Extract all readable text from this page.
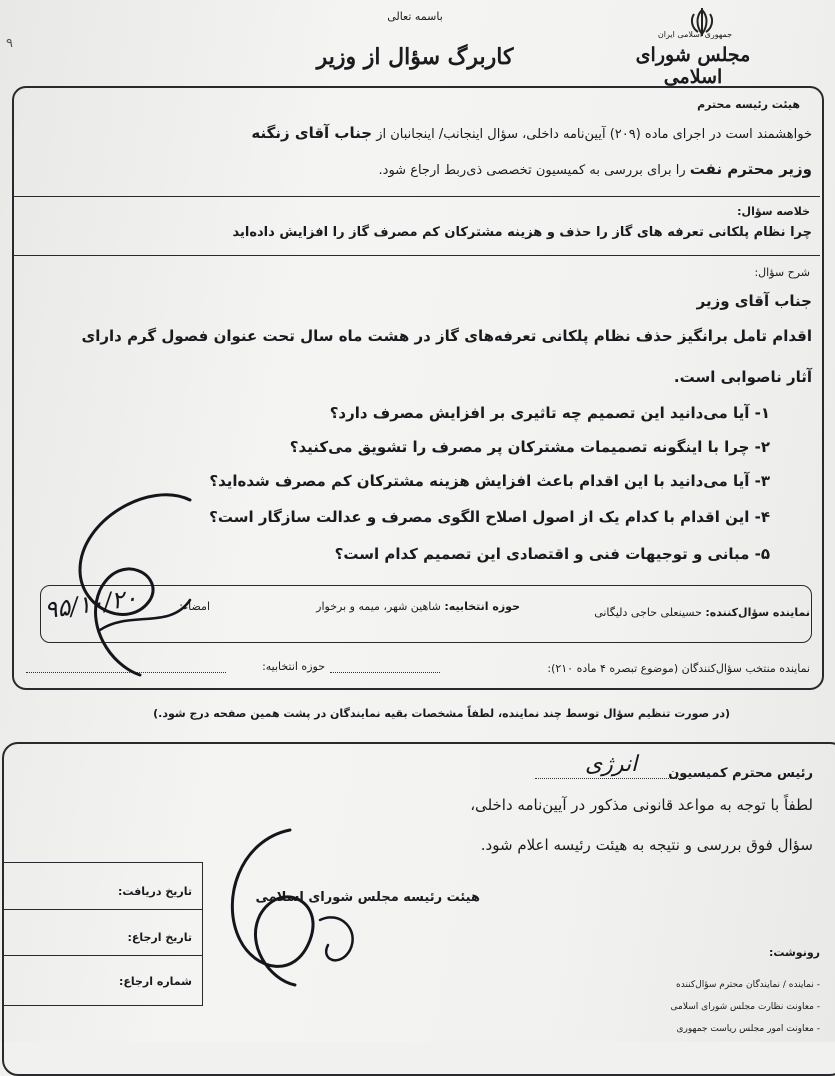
۹
باسمه تعالی
کاربرگ سؤال از وزیر
جمهوری اسلامی ایران
مجلس شورای اسلامی
هیئت رئیسه محترم
خواهشمند است در اجرای ماده (۲۰۹) آیین‌نامه داخلی، سؤال اینجانب/ اینجانبان از جناب آقای زنگنه
وزیر محترم نفت را برای بررسی به کمیسیون تخصصی ذی‌ربط ارجاع شود.
خلاصه سؤال:
چرا نظام پلکانی تعرفه های گاز را حذف و هزینه مشترکان کم مصرف گاز را افزایش داده‌اید
شرح سؤال:
جناب آقای وزیر
اقدام تامل برانگیز حذف نظام پلکانی تعرفه‌های گاز در هشت ماه سال تحت عنوان فصول گرم دارای
آثار ناصوابی است.
۱- آیا می‌دانید این تصمیم چه تاثیری بر افزایش مصرف دارد؟
۲- چرا با اینگونه تصمیمات مشترکان پر مصرف را تشویق می‌کنید؟
۳- آیا می‌دانید با این اقدام باعث افزایش هزینه مشترکان کم مصرف شده‌اید؟
۴- این اقدام با کدام یک از اصول اصلاح الگوی مصرف و عدالت سازگار است؟
۵- مبانی و توجیهات فنی و اقتصادی این تصمیم کدام است؟
نماینده سؤال‌کننده: حسینعلی حاجی دلیگانی
حوزه انتخابیه: شاهین شهر، میمه و برخوار
امضاء:
۹۵/۱۰/۲۰
نماینده منتخب سؤال‌کنندگان (موضوع تبصره ۴ ماده ۲۱۰):
حوزه انتخابیه:
(در صورت تنظیم سؤال توسط چند نماینده، لطفاً مشخصات بقیه نمایندگان در پشت همین صفحه درج شود.)
رئیس محترم کمیسیون
انرژی
لطفاً با توجه به مواعد قانونی مذکور در آیین‌نامه داخلی،
سؤال فوق بررسی و نتیجه به هیئت رئیسه اعلام شود.
هیئت رئیسه مجلس شورای اسلامی
تاریخ دریافت:
تاریخ ارجاع:
شماره ارجاع:
رونوشت:
- نماینده / نمایندگان محترم سؤال‌کننده
- معاونت نظارت مجلس شورای اسلامی
- معاونت امور مجلس ریاست جمهوری
